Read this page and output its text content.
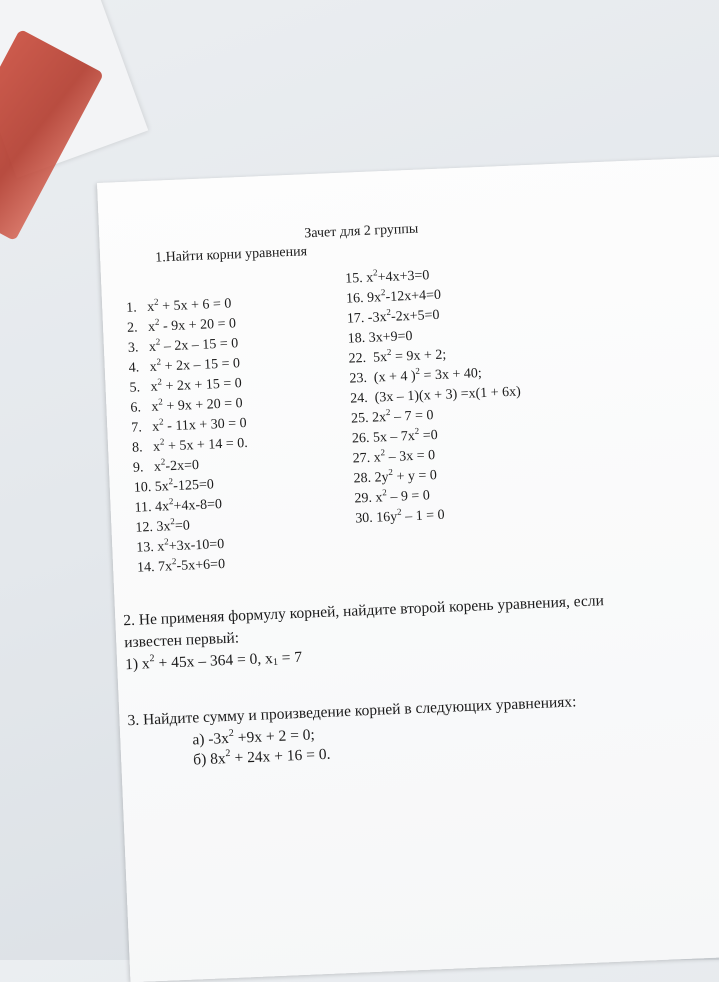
Зачет для 2 группы
1.Найти корни уравнения
1. $x^2 + 5x + 6 = 0$
2. $x^2 - 9x + 20 = 0$
3. $x^2 - 2x - 15 = 0$
4. $x^2 + 2x - 15 = 0$
5. $x^2 + 2x + 15 = 0$
6. $x^2 + 9x + 20 = 0$
7. $x^2 - 11x + 30 = 0$
8. $x^2 + 5x + 14 = 0$.
9. $x^2-2x=0$
10. $5x^2-125=0$
11. $4x^2+4x-8=0$
12. $3x^2=0$
13. $x^2+3x-10=0$
14. $7x^2-5x+6=0$
15. $x^2+4x+3=0$
16. $9x^2-12x+4=0$
17. $-3x^2-2x+5=0$
18. 3x+9=0
22. $5x^2 = 9x + 2$;
23. (x + 4 )$^2$ = 3x + 40;
24. (3x – 1)(x + 3) =x(1 + 6x)
25. $2x^2 - 7 = 0$
26. $5x - 7x^2 =0$
27. $x^2 - 3x = 0$
28. $2y^2 + y = 0$
29. $x^2 - 9 = 0$
30. $16y^2 - 1 = 0$
2. Не применяя формулу корней, найдите второй корень уравнения, если
известен первый:
1) $x^2 + 45x - 364 = 0$, $x_1 = 7$
3. Найдите сумму и произведение корней в следующих уравнениях:
а) $-3x^2 +9x + 2 = 0$;
б) $8x^2 + 24x + 16 = 0$.
